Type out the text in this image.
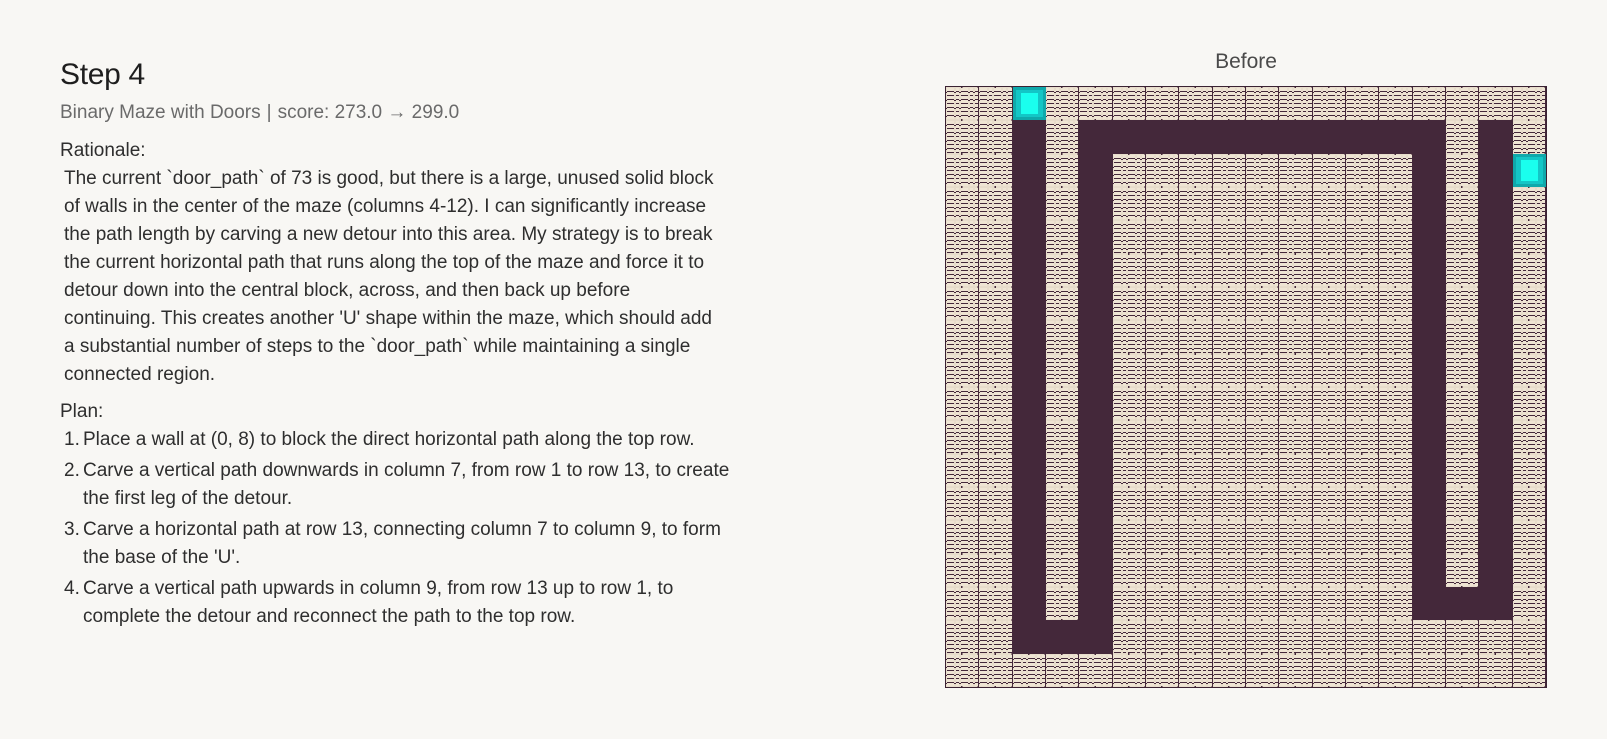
Step 4
Binary Maze with Doors | score: 273.0 → 299.0
Rationale:
The current `door_path` of 73 is good, but there is a large, unused solid block of walls in the center of the maze (columns 4-12). I can significantly increase the path length by carving a new detour into this area. My strategy is to break the current horizontal path that runs along the top of the maze and force it to detour down into the central block, across, and then back up before continuing. This creates another 'U' shape within the maze, which should add a substantial number of steps to the `door_path` while maintaining a single connected region.
Plan:
1. Place a wall at (0, 8) to block the direct horizontal path along the top row.
2. Carve a vertical path downwards in column 7, from row 1 to row 13, to create the first leg of the detour.
3. Carve a horizontal path at row 13, connecting column 7 to column 9, to form the base of the 'U'.
4. Carve a vertical path upwards in column 9, from row 13 up to row 1, to complete the detour and reconnect the path to the top row.
Before
